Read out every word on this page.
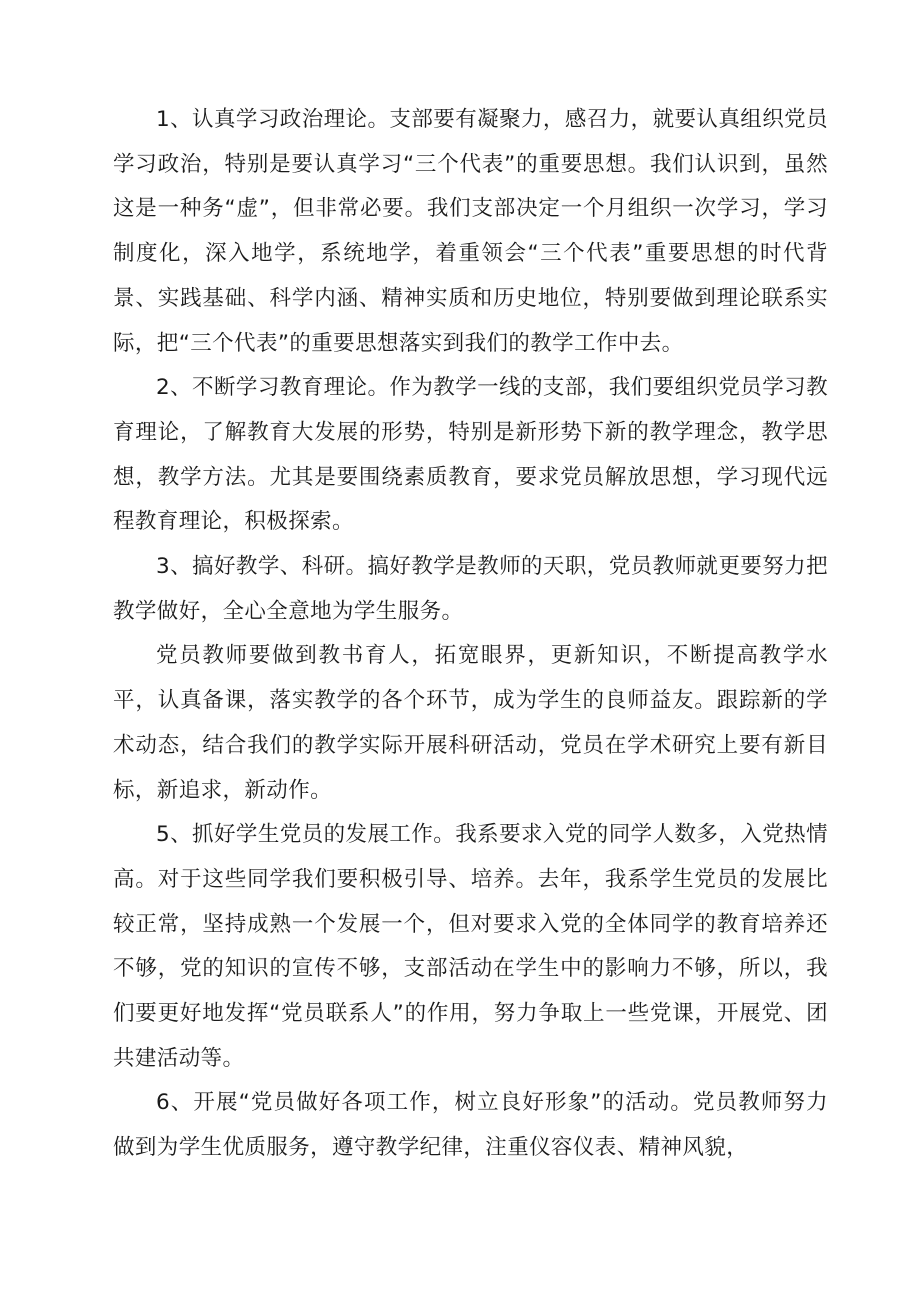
1、认真学习政治理论。支部要有凝聚力，感召力，就要认真组织党员学习政治，特别是要认真学习“三个代表”的重要思想。我们认识到，虽然这是一种务“虚”，但非常必要。我们支部决定一个月组织一次学习，学习制度化，深入地学，系统地学，着重领会“三个代表”重要思想的时代背景、实践基础、科学内涵、精神实质和历史地位，特别要做到理论联系实际，把“三个代表”的重要思想落实到我们的教学工作中去。

2、不断学习教育理论。作为教学一线的支部，我们要组织党员学习教育理论，了解教育大发展的形势，特别是新形势下新的教学理念，教学思想，教学方法。尤其是要围绕素质教育，要求党员解放思想，学习现代远程教育理论，积极探索。

3、搞好教学、科研。搞好教学是教师的天职，党员教师就更要努力把教学做好，全心全意地为学生服务。

党员教师要做到教书育人，拓宽眼界，更新知识，不断提高教学水平，认真备课，落实教学的各个环节，成为学生的良师益友。跟踪新的学术动态，结合我们的教学实际开展科研活动，党员在学术研究上要有新目标，新追求，新动作。

5、抓好学生党员的发展工作。我系要求入党的同学人数多，入党热情高。对于这些同学我们要积极引导、培养。去年，我系学生党员的发展比较正常，坚持成熟一个发展一个，但对要求入党的全体同学的教育培养还不够，党的知识的宣传不够，支部活动在学生中的影响力不够，所以，我们要更好地发挥“党员联系人”的作用，努力争取上一些党课，开展党、团共建活动等。

6、开展“党员做好各项工作，树立良好形象”的活动。党员教师努力做到为学生优质服务，遵守教学纪律，注重仪容仪表、精神风貌，
